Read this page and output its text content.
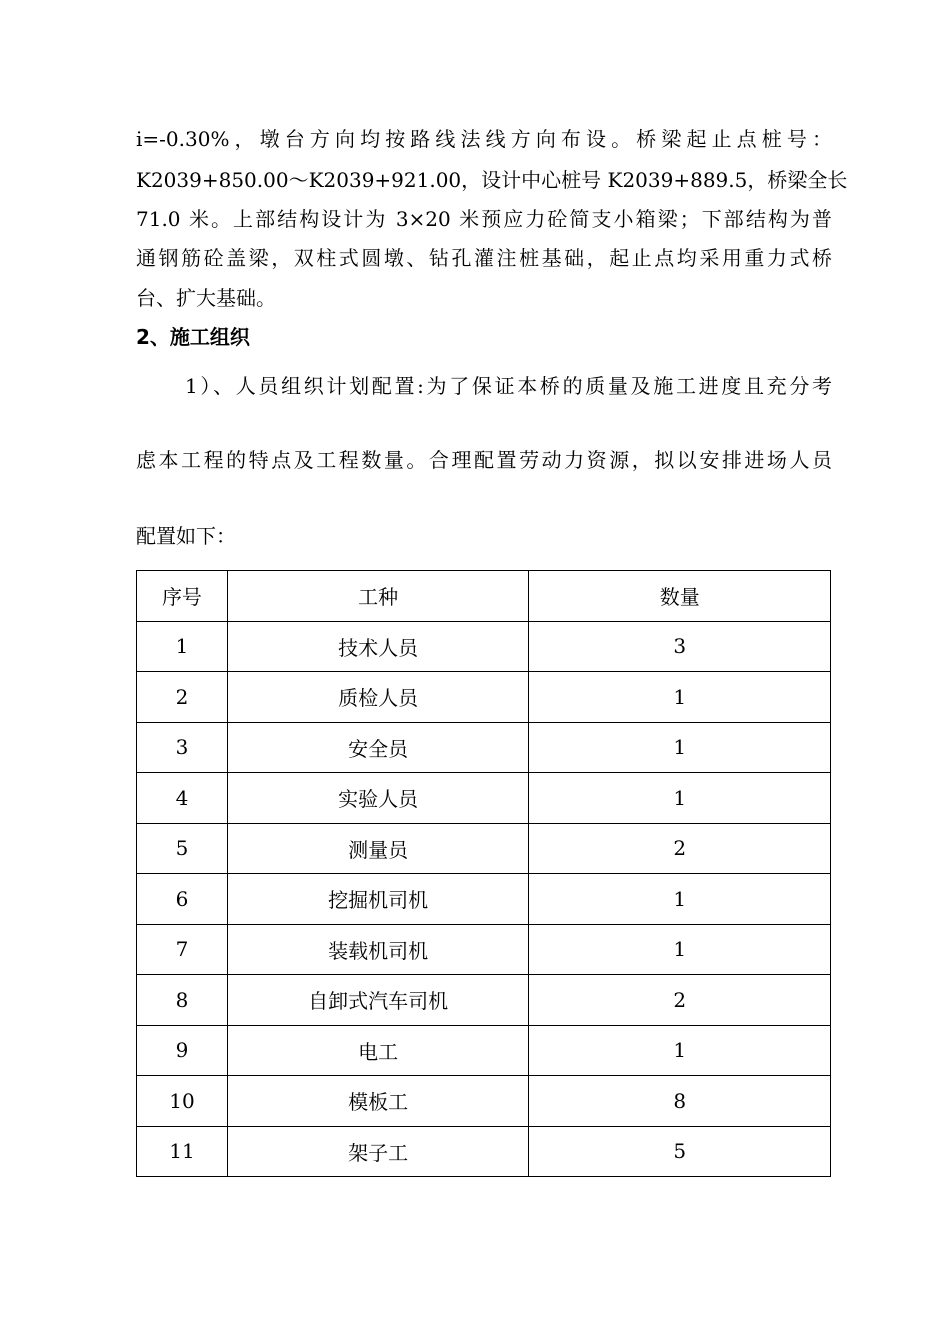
i=-0.30%，墩台方向均按路线法线方向布设。桥梁起止点桩号：
K2039+850.00～K2039+921.00，设计中心桩号 K2039+889.5，桥梁全长
71.0 米。上部结构设计为 3×20 米预应力砼简支小箱梁；下部结构为普
通钢筋砼盖梁，双柱式圆墩、钻孔灌注桩基础，起止点均采用重力式桥
台、扩大基础。
2、施工组织
1）、人员组织计划配置:为了保证本桥的质量及施工进度且充分考
虑本工程的特点及工程数量。合理配置劳动力资源，拟以安排进场人员
配置如下：
序号	工种	数量
1	技术人员	3
2	质检人员	1
3	安全员	1
4	实验人员	1
5	测量员	2
6	挖掘机司机	1
7	装载机司机	1
8	自卸式汽车司机	2
9	电工	1
10	模板工	8
11	架子工	5
